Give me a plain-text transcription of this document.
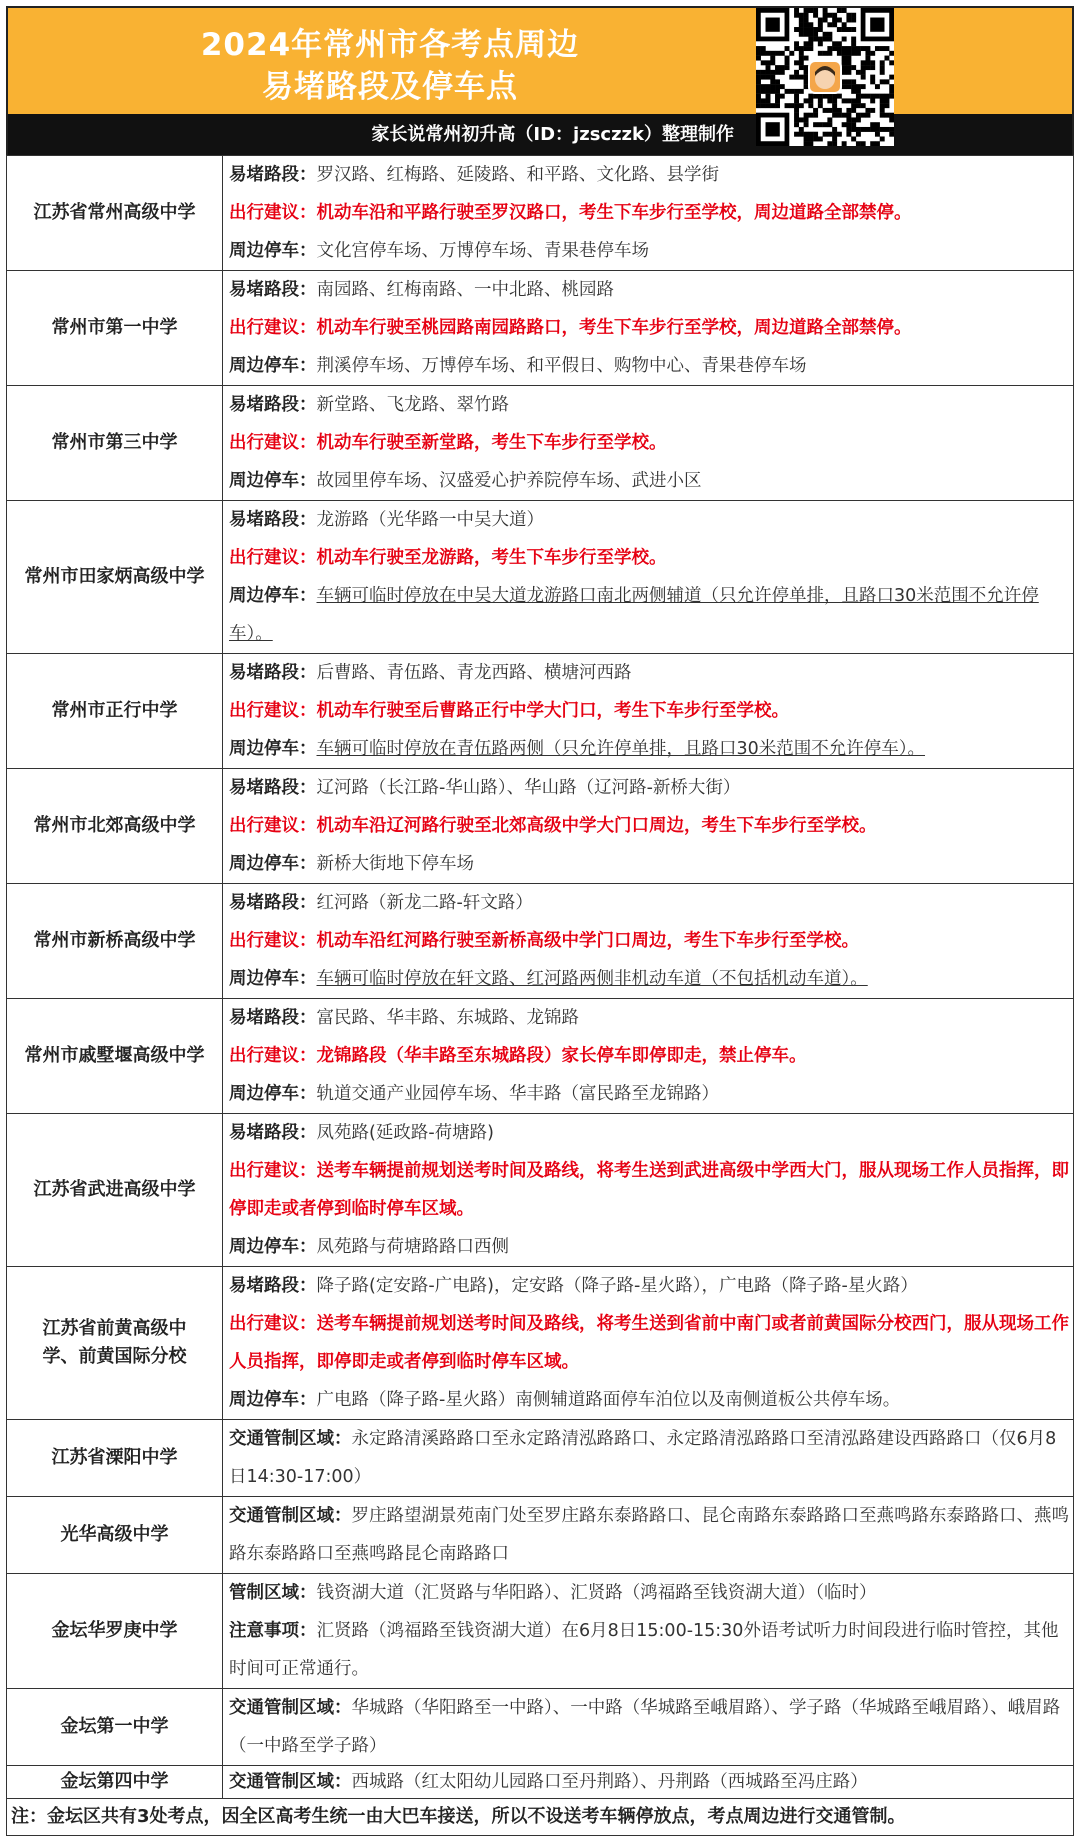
2024年常州市各考点周边
易堵路段及停车点
家长说常州初升高（ID：jzsczzk）整理制作
江苏省常州高级中学	易堵路段：罗汉路、红梅路、延陵路、和平路、文化路、县学街
出行建议：机动车沿和平路行驶至罗汉路口，考生下车步行至学校，周边道路全部禁停。
周边停车：文化宫停车场、万博停车场、青果巷停车场

常州市第一中学	易堵路段：南园路、红梅南路、一中北路、桃园路
出行建议：机动车行驶至桃园路南园路路口，考生下车步行至学校，周边道路全部禁停。
周边停车：荆溪停车场、万博停车场、和平假日、购物中心、青果巷停车场

常州市第三中学	易堵路段：新堂路、飞龙路、翠竹路
出行建议：机动车行驶至新堂路，考生下车步行至学校。
周边停车：故园里停车场、汉盛爱心护养院停车场、武进小区

常州市田家炳高级中学	易堵路段：龙游路（光华路一中吴大道）
出行建议：机动车行驶至龙游路，考生下车步行至学校。
周边停车：车辆可临时停放在中吴大道龙游路口南北两侧辅道（只允许停单排，且路口30米范围不允许停车）。

常州市正行中学	易堵路段：后曹路、青伍路、青龙西路、横塘河西路
出行建议：机动车行驶至后曹路正行中学大门口，考生下车步行至学校。
周边停车：车辆可临时停放在青伍路两侧（只允许停单排，且路口30米范围不允许停车）。

常州市北郊高级中学	易堵路段：辽河路（长江路-华山路）、华山路（辽河路-新桥大街）
出行建议：机动车沿辽河路行驶至北郊高级中学大门口周边，考生下车步行至学校。
周边停车：新桥大街地下停车场

常州市新桥高级中学	易堵路段：红河路（新龙二路-轩文路）
出行建议：机动车沿红河路行驶至新桥高级中学门口周边，考生下车步行至学校。
周边停车：车辆可临时停放在轩文路、红河路两侧非机动车道（不包括机动车道）。

常州市戚墅堰高级中学	易堵路段：富民路、华丰路、东城路、龙锦路
出行建议：龙锦路段（华丰路至东城路段）家长停车即停即走，禁止停车。
周边停车：轨道交通产业园停车场、华丰路（富民路至龙锦路）

江苏省武进高级中学	易堵路段：凤苑路(延政路-荷塘路)
出行建议：送考车辆提前规划送考时间及路线，将考生送到武进高级中学西大门，服从现场工作人员指挥，即停即走或者停到临时停车区域。
周边停车：凤苑路与荷塘路路口西侧

江苏省前黄高级中学、前黄国际分校	易堵路段：降子路(定安路-广电路)，定安路（降子路-星火路），广电路（降子路-星火路）
出行建议：送考车辆提前规划送考时间及路线，将考生送到省前中南门或者前黄国际分校西门，服从现场工作人员指挥，即停即走或者停到临时停车区域。
周边停车：广电路（降子路-星火路）南侧辅道路面停车泊位以及南侧道板公共停车场。

江苏省溧阳中学	交通管制区域：永定路清溪路路口至永定路清泓路路口、永定路清泓路路口至清泓路建设西路路口（仅6月8日14:30-17:00）

光华高级中学	交通管制区域：罗庄路望湖景苑南门处至罗庄路东泰路路口、昆仑南路东泰路路口至燕鸣路东泰路路口、燕鸣路东泰路路口至燕鸣路昆仑南路路口

金坛华罗庚中学	管制区域：钱资湖大道（汇贤路与华阳路）、汇贤路（鸿福路至钱资湖大道）（临时）
注意事项：汇贤路（鸿福路至钱资湖大道）在6月8日15:00-15:30外语考试听力时间段进行临时管控，其他时间可正常通行。

金坛第一中学	交通管制区域：华城路（华阳路至一中路）、一中路（华城路至峨眉路）、学子路（华城路至峨眉路）、峨眉路（一中路至学子路）

金坛第四中学	交通管制区域：西城路（红太阳幼儿园路口至丹荆路）、丹荆路（西城路至冯庄路）

注：金坛区共有3处考点，因全区高考生统一由大巴车接送，所以不设送考车辆停放点，考点周边进行交通管制。	
